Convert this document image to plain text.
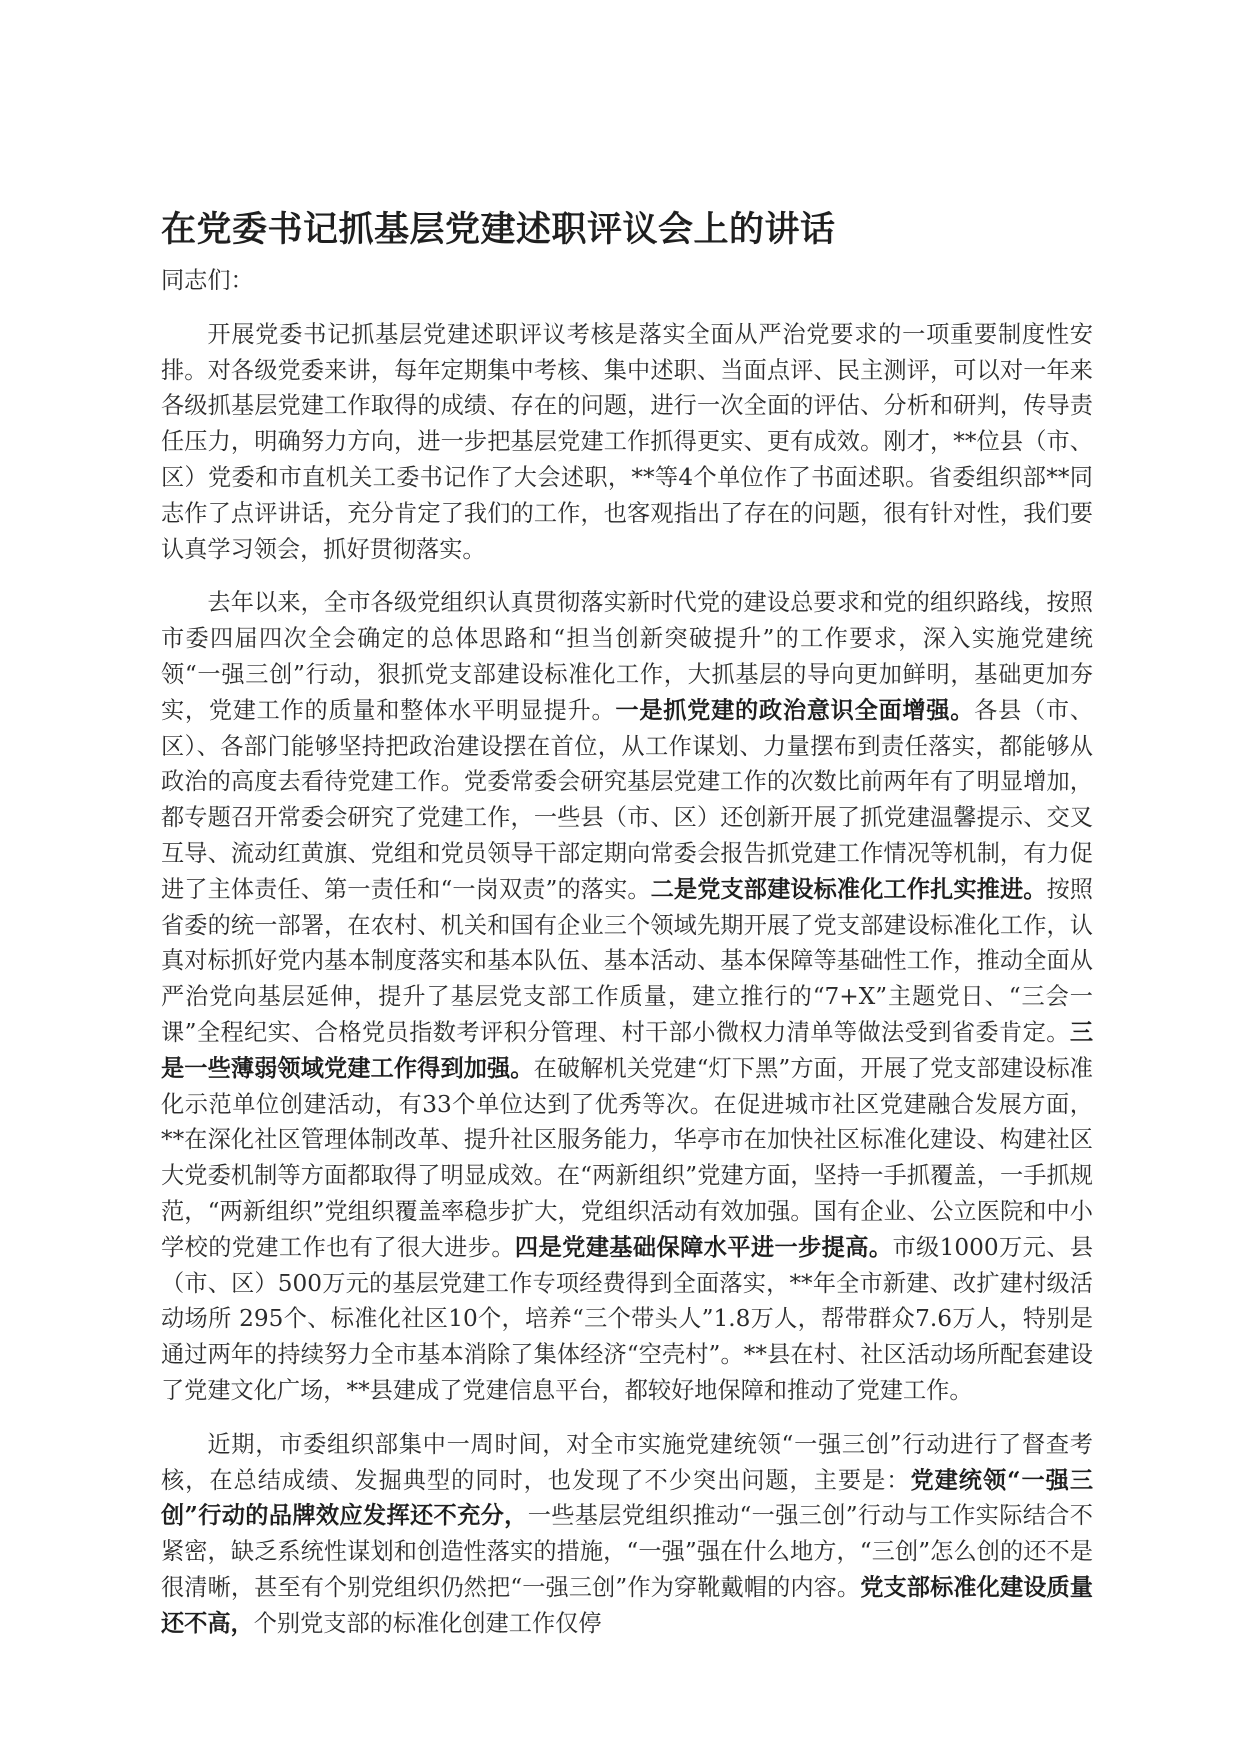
在党委书记抓基层党建述职评议会上的讲话

同志们：

开展党委书记抓基层党建述职评议考核是落实全面从严治党要求的一项重要制度性安排。对各级党委来讲，每年定期集中考核、集中述职、当面点评、民主测评，可以对一年来各级抓基层党建工作取得的成绩、存在的问题，进行一次全面的评估、分析和研判，传导责任压力，明确努力方向，进一步把基层党建工作抓得更实、更有成效。刚才，**位县（市、区）党委和市直机关工委书记作了大会述职，**等4个单位作了书面述职。省委组织部**同志作了点评讲话，充分肯定了我们的工作，也客观指出了存在的问题，很有针对性，我们要认真学习领会，抓好贯彻落实。

去年以来，全市各级党组织认真贯彻落实新时代党的建设总要求和党的组织路线，按照市委四届四次全会确定的总体思路和“担当创新突破提升”的工作要求，深入实施党建统领“一强三创”行动，狠抓党支部建设标准化工作，大抓基层的导向更加鲜明，基础更加夯实，党建工作的质量和整体水平明显提升。一是抓党建的政治意识全面增强。各县（市、区）、各部门能够坚持把政治建设摆在首位，从工作谋划、力量摆布到责任落实，都能够从政治的高度去看待党建工作。党委常委会研究基层党建工作的次数比前两年有了明显增加，都专题召开常委会研究了党建工作，一些县（市、区）还创新开展了抓党建温馨提示、交叉互导、流动红黄旗、党组和党员领导干部定期向常委会报告抓党建工作情况等机制，有力促进了主体责任、第一责任和“一岗双责”的落实。二是党支部建设标准化工作扎实推进。按照省委的统一部署，在农村、机关和国有企业三个领域先期开展了党支部建设标准化工作，认真对标抓好党内基本制度落实和基本队伍、基本活动、基本保障等基础性工作，推动全面从严治党向基层延伸，提升了基层党支部工作质量，建立推行的“7+X”主题党日、“三会一课”全程纪实、合格党员指数考评积分管理、村干部小微权力清单等做法受到省委肯定。三是一些薄弱领域党建工作得到加强。在破解机关党建“灯下黑”方面，开展了党支部建设标准化示范单位创建活动，有33个单位达到了优秀等次。在促进城市社区党建融合发展方面，**在深化社区管理体制改革、提升社区服务能力，华亭市在加快社区标准化建设、构建社区大党委机制等方面都取得了明显成效。在“两新组织”党建方面，坚持一手抓覆盖，一手抓规范，“两新组织”党组织覆盖率稳步扩大，党组织活动有效加强。国有企业、公立医院和中小学校的党建工作也有了很大进步。四是党建基础保障水平进一步提高。市级1000万元、县（市、区）500万元的基层党建工作专项经费得到全面落实，**年全市新建、改扩建村级活动场所 295个、标准化社区10个，培养“三个带头人”1.8万人，帮带群众7.6万人，特别是通过两年的持续努力全市基本消除了集体经济“空壳村”。**县在村、社区活动场所配套建设了党建文化广场，**县建成了党建信息平台，都较好地保障和推动了党建工作。

近期，市委组织部集中一周时间，对全市实施党建统领“一强三创”行动进行了督查考核，在总结成绩、发掘典型的同时，也发现了不少突出问题，主要是：党建统领“一强三创”行动的品牌效应发挥还不充分，一些基层党组织推动“一强三创”行动与工作实际结合不紧密，缺乏系统性谋划和创造性落实的措施，“一强”强在什么地方，“三创”怎么创的还不是很清晰，甚至有个别党组织仍然把“一强三创”作为穿靴戴帽的内容。党支部标准化建设质量还不高，个别党支部的标准化创建工作仅停
